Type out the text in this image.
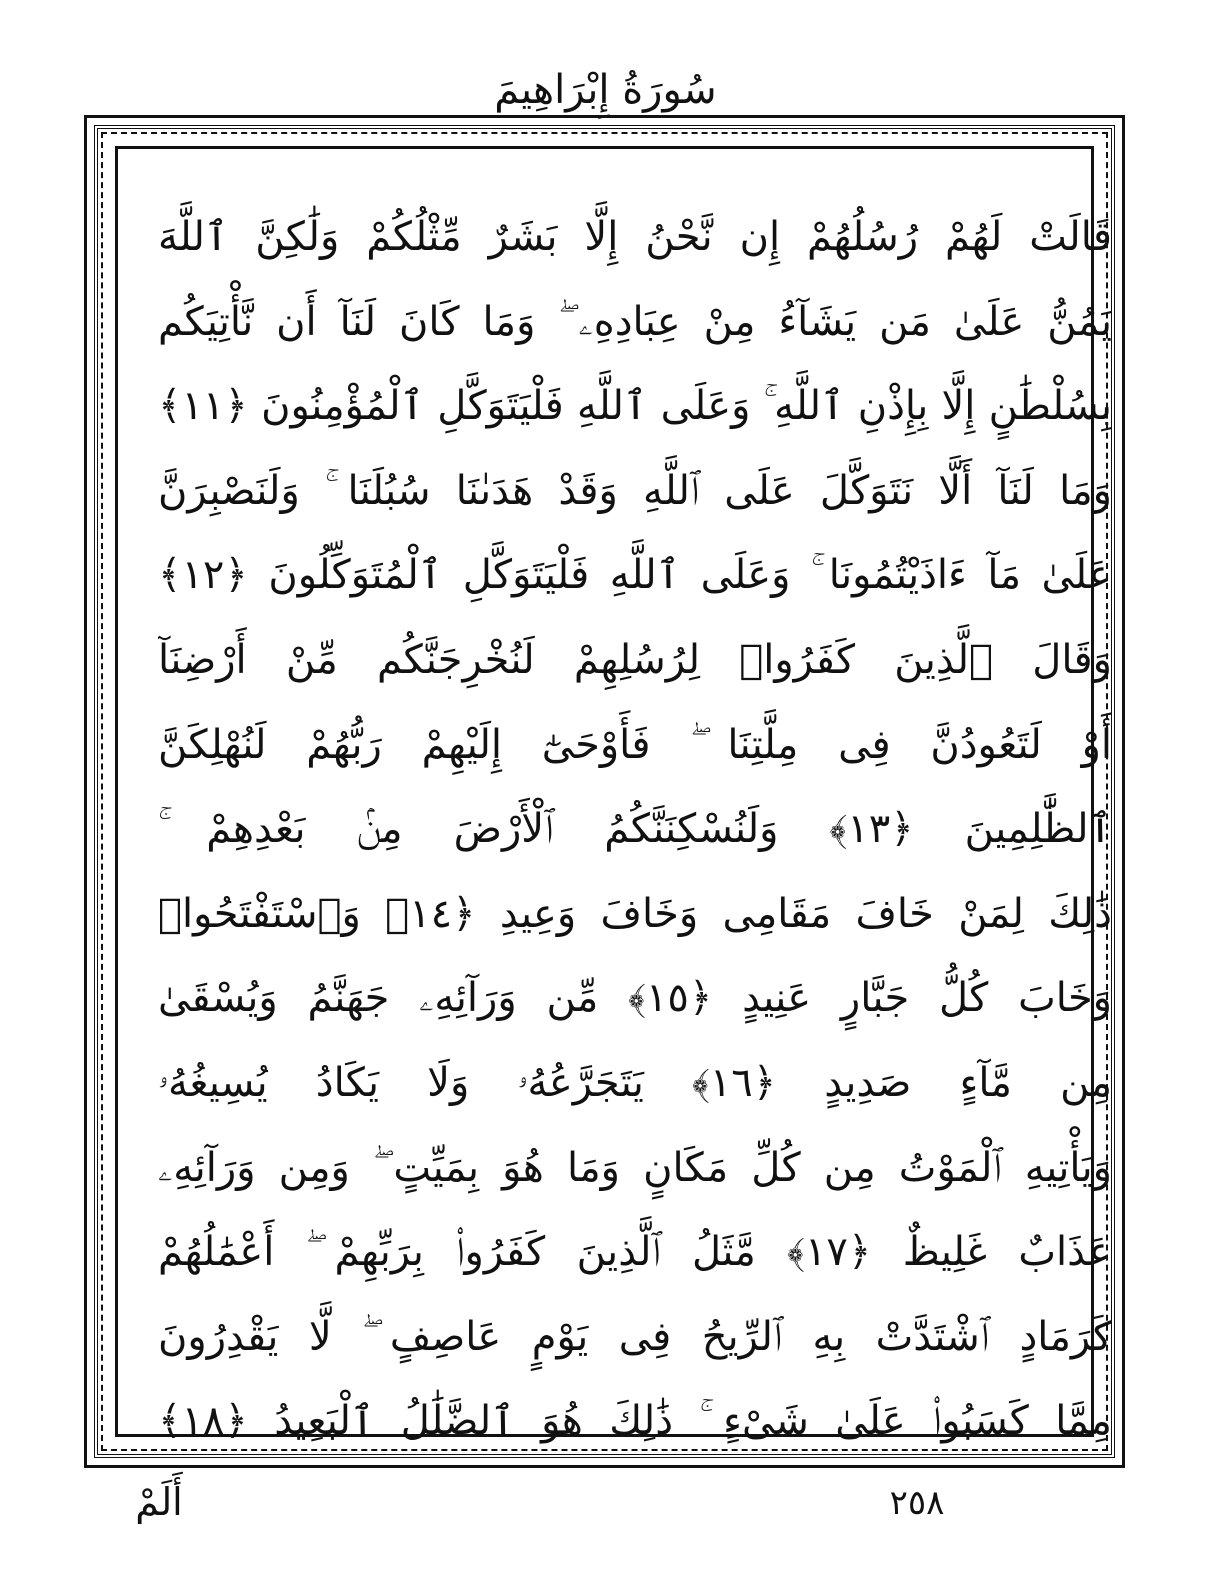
سُورَةُ إِبْرَاهِيمَ
قَالَتْ لَهُمْ رُسُلُهُمْ إِن نَّحْنُ إِلَّا بَشَرٌ مِّثْلُكُمْ وَلَٰكِنَّ ٱللَّهَ
يَمُنُّ عَلَىٰ مَن يَشَآءُ مِنْ عِبَادِهِۦ ۖ وَمَا كَانَ لَنَآ أَن نَّأْتِيَكُم
بِسُلْطَٰنٍ إِلَّا بِإِذْنِ ٱللَّهِ ۚ وَعَلَى ٱللَّهِ فَلْيَتَوَكَّلِ ٱلْمُؤْمِنُونَ ﴿١١﴾
وَمَا لَنَآ أَلَّا نَتَوَكَّلَ عَلَى ٱللَّهِ وَقَدْ هَدَىٰنَا سُبُلَنَا ۚ وَلَنَصْبِرَنَّ
عَلَىٰ مَآ ءَاذَيْتُمُونَا ۚ وَعَلَى ٱللَّهِ فَلْيَتَوَكَّلِ ٱلْمُتَوَكِّلُونَ ﴿١٢﴾
وَقَالَ ٱلَّذِينَ كَفَرُوا۟ لِرُسُلِهِمْ لَنُخْرِجَنَّكُم مِّنْ أَرْضِنَآ
أَوْ لَتَعُودُنَّ فِى مِلَّتِنَا ۖ فَأَوْحَىٰٓ إِلَيْهِمْ رَبُّهُمْ لَنُهْلِكَنَّ
ٱلظَّٰلِمِينَ ﴿١٣﴾ وَلَنُسْكِنَنَّكُمُ ٱلْأَرْضَ مِنۢ بَعْدِهِمْ ۚ
ذَٰلِكَ لِمَنْ خَافَ مَقَامِى وَخَافَ وَعِيدِ ﴿١٤﴾ وَٱسْتَفْتَحُوا۟
وَخَابَ كُلُّ جَبَّارٍ عَنِيدٍ ﴿١٥﴾ مِّن وَرَآئِهِۦ جَهَنَّمُ وَيُسْقَىٰ
مِن مَّآءٍ صَدِيدٍ ﴿١٦﴾ يَتَجَرَّعُهُۥ وَلَا يَكَادُ يُسِيغُهُۥ
وَيَأْتِيهِ ٱلْمَوْتُ مِن كُلِّ مَكَانٍ وَمَا هُوَ بِمَيِّتٍ ۖ وَمِن وَرَآئِهِۦ
عَذَابٌ غَلِيظٌ ﴿١٧﴾ مَّثَلُ ٱلَّذِينَ كَفَرُوا۟ بِرَبِّهِمْ ۖ أَعْمَٰلُهُمْ
كَرَمَادٍ ٱشْتَدَّتْ بِهِ ٱلرِّيحُ فِى يَوْمٍ عَاصِفٍ ۖ لَّا يَقْدِرُونَ
مِمَّا كَسَبُوا۟ عَلَىٰ شَىْءٍ ۚ ذَٰلِكَ هُوَ ٱلضَّلَٰلُ ٱلْبَعِيدُ ﴿١٨﴾
٢٥٨
أَلَمْ
